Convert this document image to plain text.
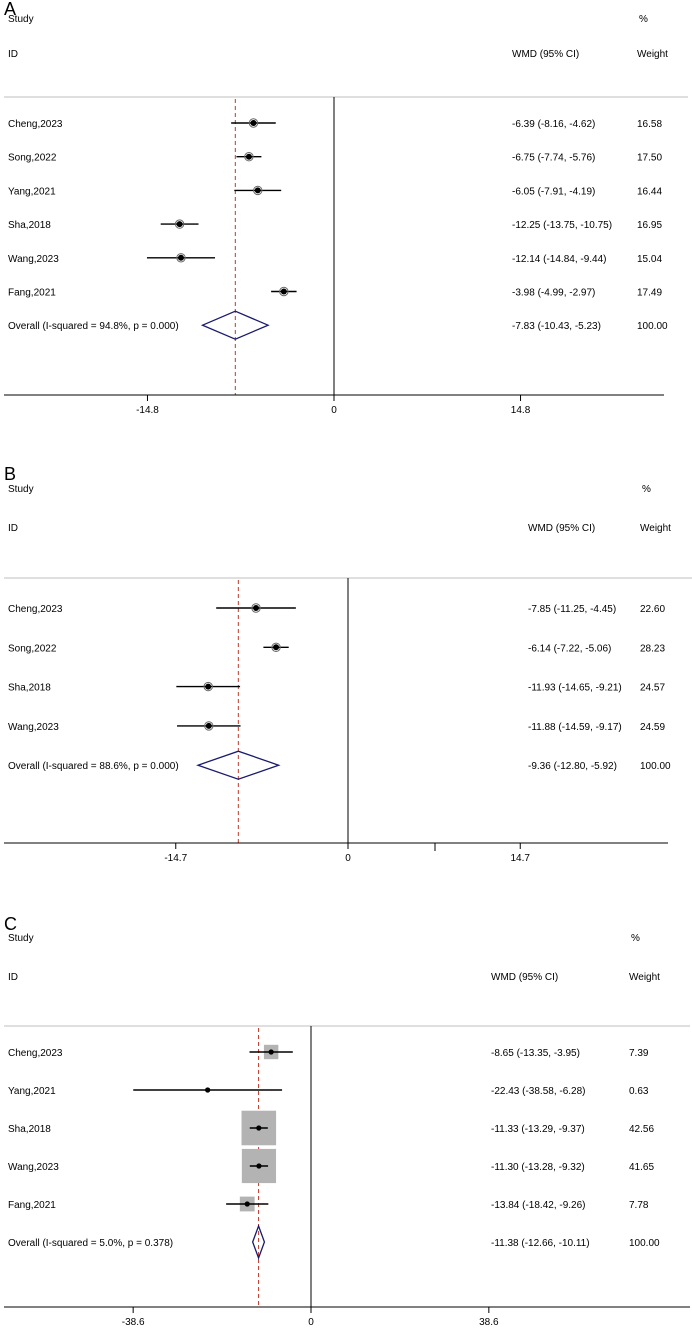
A
Study
ID	WMD (95% CI)
%
Weight
Cheng,2023	-6.39 (-8.16, -4.62)	16.58
Song,2022	-6.75 (-7.74, -5.76)	17.50
Yang,2021	-6.05 (-7.91, -4.19)	16.44
Sha,2018	-12.25 (-13.75, -10.75) 16.95
Wang,2023	-12.14 (-14.84, -9.44)	15.04
Fang,2021	-3.98 (-4.99, -2.97)	17.49
Overall (I-squared = 94.8%, p = 0.000)	-7.83 (-10.43, -5.23)	100.00
-14.8	0	14.8
B
Study
ID	WMD (95% CI)
%
Weight
Cheng,2023	-7.85 (-11.25, -4.45) 22.60
Song,2022	-6.14 (-7.22, -5.06)	28.23
Sha,2018	-11.93 (-14.65, -9.21) 24.57
Wang,2023	-11.88 (-14.59, -9.17) 24.59
Overall (I-squared = 88.6%, p = 0.000)	-9.36 (-12.80, -5.92) 100.00
-14.7	0	14.7
C
Study
ID	WMD (95% CI)
%
Weight
Cheng,2023	-8.65 (-13.35, -3.95)	7.39
Yang,2021	-22.43 (-38.58, -6.28)	0.63
Sha,2018	-11.33 (-13.29, -9.37)	42.56
Wang,2023	-11.30 (-13.28, -9.32)	41.65
Fang,2021	-13.84 (-18.42, -9.26)	7.78
Overall (I-squared = 5.0%, p = 0.378)	-11.38 (-12.66, -10.11)	100.00
-38.6	0	38.6
